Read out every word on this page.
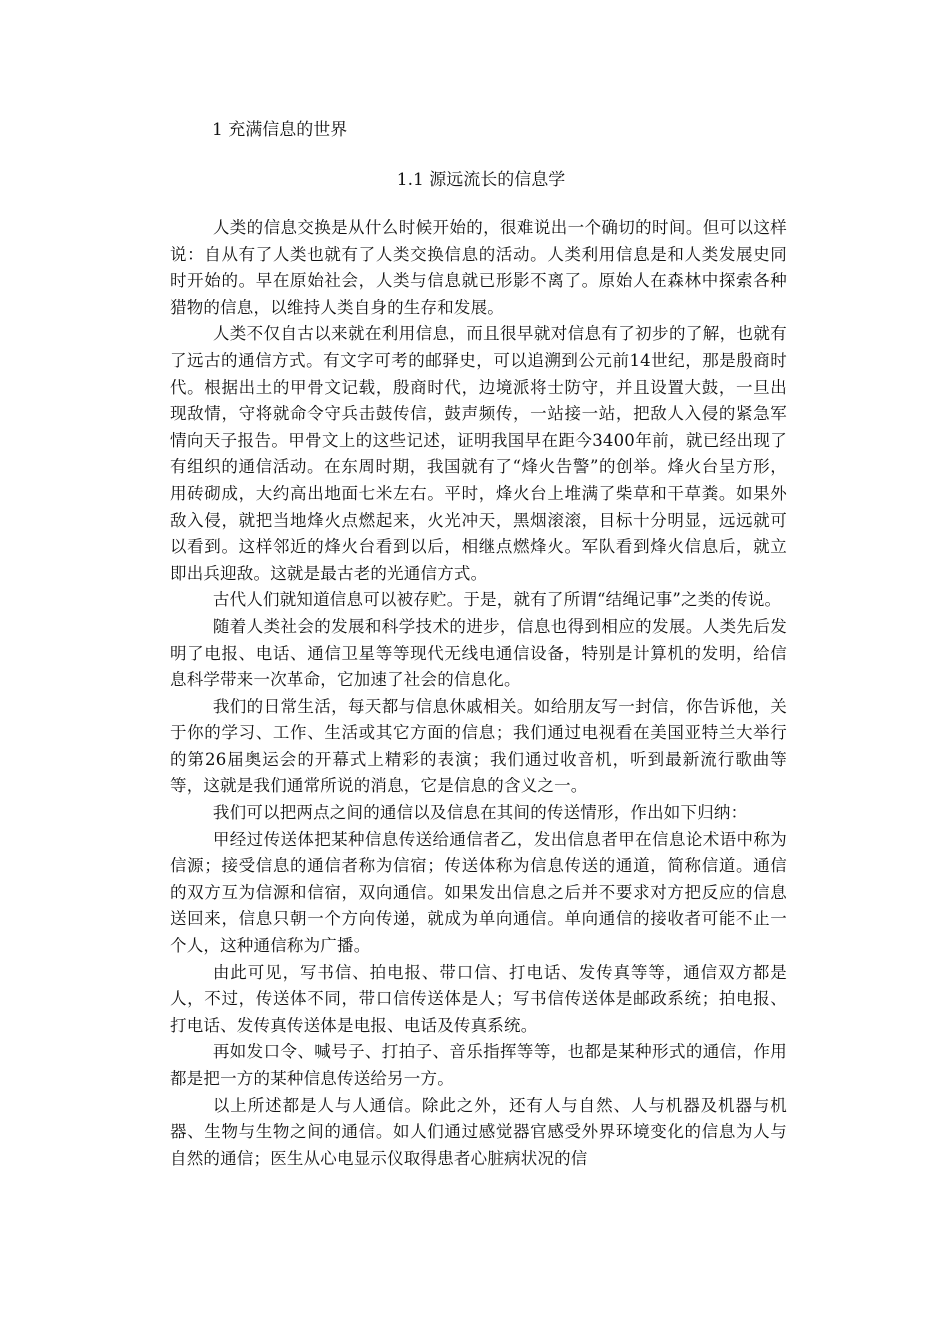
1 充满信息的世界
1.1 源远流长的信息学

人类的信息交换是从什么时候开始的，很难说出一个确切的时间。但可以这样说：自从有了人类也就有了人类交换信息的活动。人类利用信息是和人类发展史同时开始的。早在原始社会，人类与信息就已形影不离了。原始人在森林中探索各种猎物的信息，以维持人类自身的生存和发展。

人类不仅自古以来就在利用信息，而且很早就对信息有了初步的了解，也就有了远古的通信方式。有文字可考的邮驿史，可以追溯到公元前14世纪，那是殷商时代。根据出土的甲骨文记载，殷商时代，边境派将士防守，并且设置大鼓，一旦出现敌情，守将就命令守兵击鼓传信，鼓声频传，一站接一站，把敌人入侵的紧急军情向天子报告。甲骨文上的这些记述，证明我国早在距今3400年前，就已经出现了有组织的通信活动。在东周时期，我国就有了“烽火告警”的创举。烽火台呈方形，用砖砌成，大约高出地面七米左右。平时，烽火台上堆满了柴草和干草粪。如果外敌入侵，就把当地烽火点燃起来，火光冲天，黑烟滚滚，目标十分明显，远远就可以看到。这样邻近的烽火台看到以后，相继点燃烽火。军队看到烽火信息后，就立即出兵迎敌。这就是最古老的光通信方式。

古代人们就知道信息可以被存贮。于是，就有了所谓“结绳记事”之类的传说。

随着人类社会的发展和科学技术的进步，信息也得到相应的发展。人类先后发明了电报、电话、通信卫星等等现代无线电通信设备，特别是计算机的发明，给信息科学带来一次革命，它加速了社会的信息化。

我们的日常生活，每天都与信息休戚相关。如给朋友写一封信，你告诉他，关于你的学习、工作、生活或其它方面的信息；我们通过电视看在美国亚特兰大举行的第26届奥运会的开幕式上精彩的表演；我们通过收音机，听到最新流行歌曲等等，这就是我们通常所说的消息，它是信息的含义之一。

我们可以把两点之间的通信以及信息在其间的传送情形，作出如下归纳：

甲经过传送体把某种信息传送给通信者乙，发出信息者甲在信息论术语中称为信源；接受信息的通信者称为信宿；传送体称为信息传送的通道，简称信道。通信的双方互为信源和信宿，双向通信。如果发出信息之后并不要求对方把反应的信息送回来，信息只朝一个方向传递，就成为单向通信。单向通信的接收者可能不止一个人，这种通信称为广播。

由此可见，写书信、拍电报、带口信、打电话、发传真等等，通信双方都是人，不过，传送体不同，带口信传送体是人；写书信传送体是邮政系统；拍电报、打电话、发传真传送体是电报、电话及传真系统。

再如发口令、喊号子、打拍子、音乐指挥等等，也都是某种形式的通信，作用都是把一方的某种信息传送给另一方。

以上所述都是人与人通信。除此之外，还有人与自然、人与机器及机器与机器、生物与生物之间的通信。如人们通过感觉器官感受外界环境变化的信息为人与自然的通信；医生从心电显示仪取得患者心脏病状况的信
